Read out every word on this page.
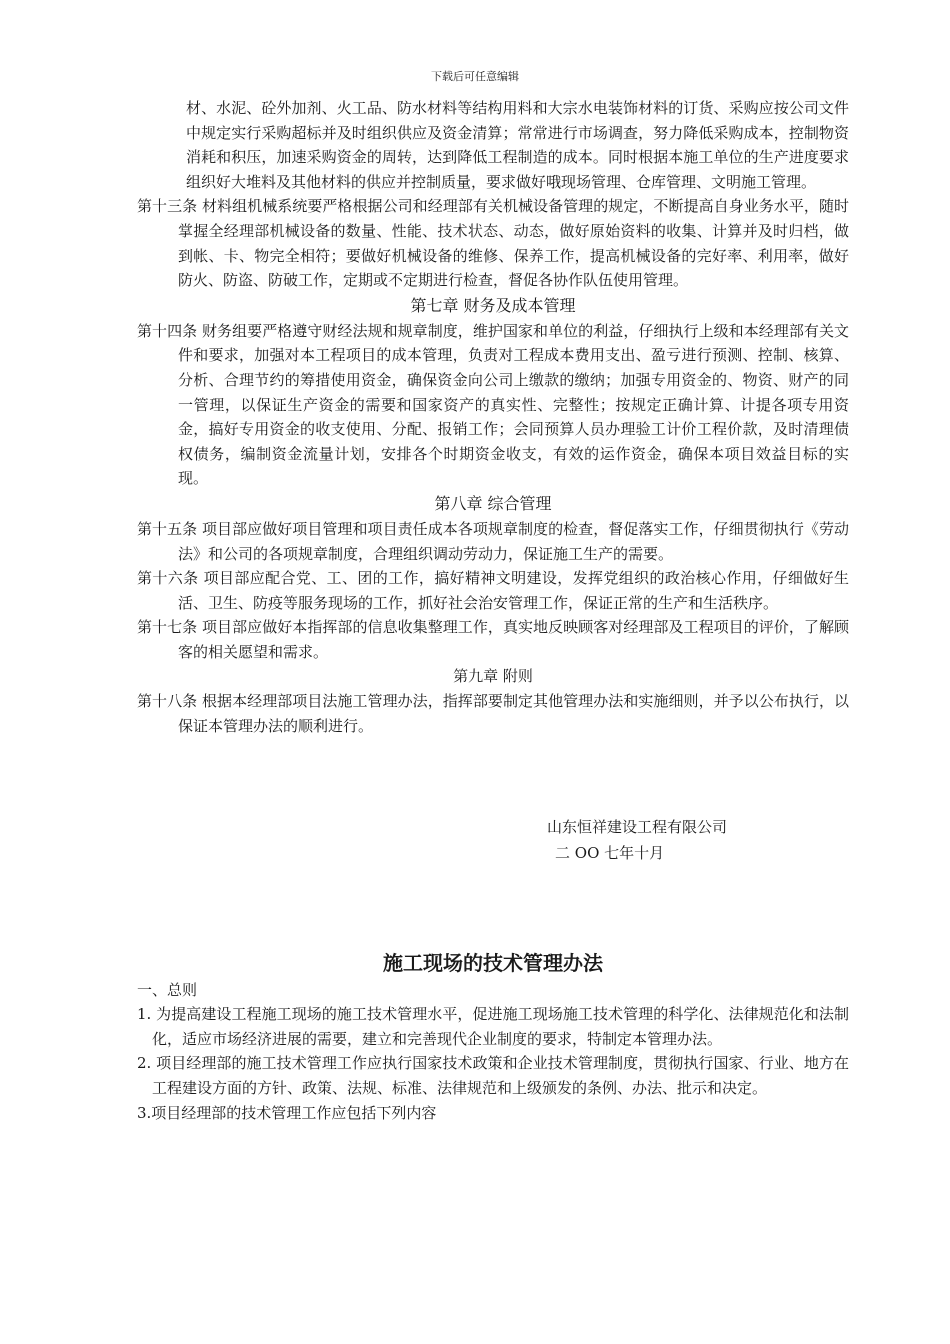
下载后可任意编辑

材、水泥、砼外加剂、火工品、防水材料等结构用料和大宗水电装饰材料的订货、采购应按公司文件中规定实行采购超标并及时组织供应及资金清算；常常进行市场调查，努力降低采购成本，控制物资消耗和积压，加速采购资金的周转，达到降低工程制造的成本。同时根据本施工单位的生产进度要求组织好大堆料及其他材料的供应并控制质量，要求做好哦现场管理、仓库管理、文明施工管理。

第十三条 材料组机械系统要严格根据公司和经理部有关机械设备管理的规定，不断提高自身业务水平，随时掌握全经理部机械设备的数量、性能、技术状态、动态，做好原始资料的收集、计算并及时归档，做到帐、卡、物完全相符；要做好机械设备的维修、保养工作，提高机械设备的完好率、利用率，做好防火、防盗、防破工作，定期或不定期进行检查，督促各协作队伍使用管理。

第七章 财务及成本管理

第十四条 财务组要严格遵守财经法规和规章制度，维护国家和单位的利益，仔细执行上级和本经理部有关文件和要求，加强对本工程项目的成本管理，负责对工程成本费用支出、盈亏进行预测、控制、核算、分析、合理节约的筹措使用资金，确保资金向公司上缴款的缴纳；加强专用资金的、物资、财产的同一管理，以保证生产资金的需要和国家资产的真实性、完整性；按规定正确计算、计提各项专用资金，搞好专用资金的收支使用、分配、报销工作；会同预算人员办理验工计价工程价款，及时清理债权债务，编制资金流量计划，安排各个时期资金收支，有效的运作资金，确保本项目效益目标的实现。

第八章 综合管理

第十五条 项目部应做好项目管理和项目责任成本各项规章制度的检查，督促落实工作，仔细贯彻执行《劳动法》和公司的各项规章制度，合理组织调动劳动力，保证施工生产的需要。

第十六条 项目部应配合党、工、团的工作，搞好精神文明建设，发挥党组织的政治核心作用，仔细做好生活、卫生、防疫等服务现场的工作，抓好社会治安管理工作，保证正常的生产和生活秩序。

第十七条 项目部应做好本指挥部的信息收集整理工作，真实地反映顾客对经理部及工程项目的评价，了解顾客的相关愿望和需求。

第九章 附则

第十八条 根据本经理部项目法施工管理办法，指挥部要制定其他管理办法和实施细则，并予以公布执行，以保证本管理办法的顺利进行。

山东恒祥建设工程有限公司

二 OO 七年十月

施工现场的技术管理办法

一、总则

1. 为提高建设工程施工现场的施工技术管理水平，促进施工现场施工技术管理的科学化、法律规范化和法制化，适应市场经济进展的需要，建立和完善现代企业制度的要求，特制定本管理办法。

2. 项目经理部的施工技术管理工作应执行国家技术政策和企业技术管理制度，贯彻执行国家、行业、地方在工程建设方面的方针、政策、法规、标准、法律规范和上级颁发的条例、办法、批示和决定。

3.项目经理部的技术管理工作应包括下列内容
